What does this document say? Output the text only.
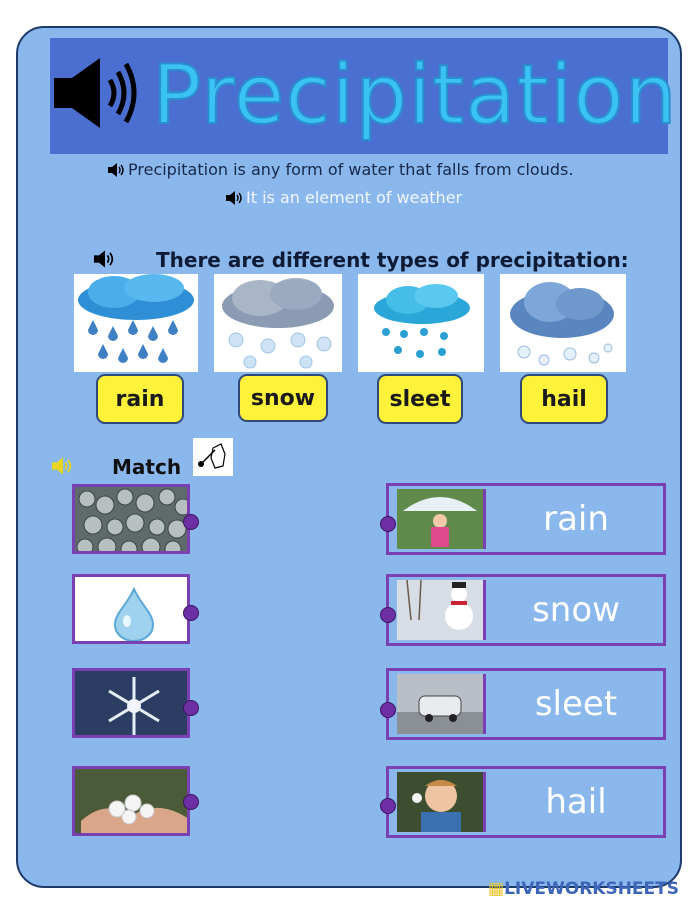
Precipitation
Precipitation is any form of water that falls from clouds.
It is an element of weather
There are different types of precipitation:
rain	snow	sleet	hail
Match
rain
snow
sleet
hail
▦LIVEWORKSHEETS
